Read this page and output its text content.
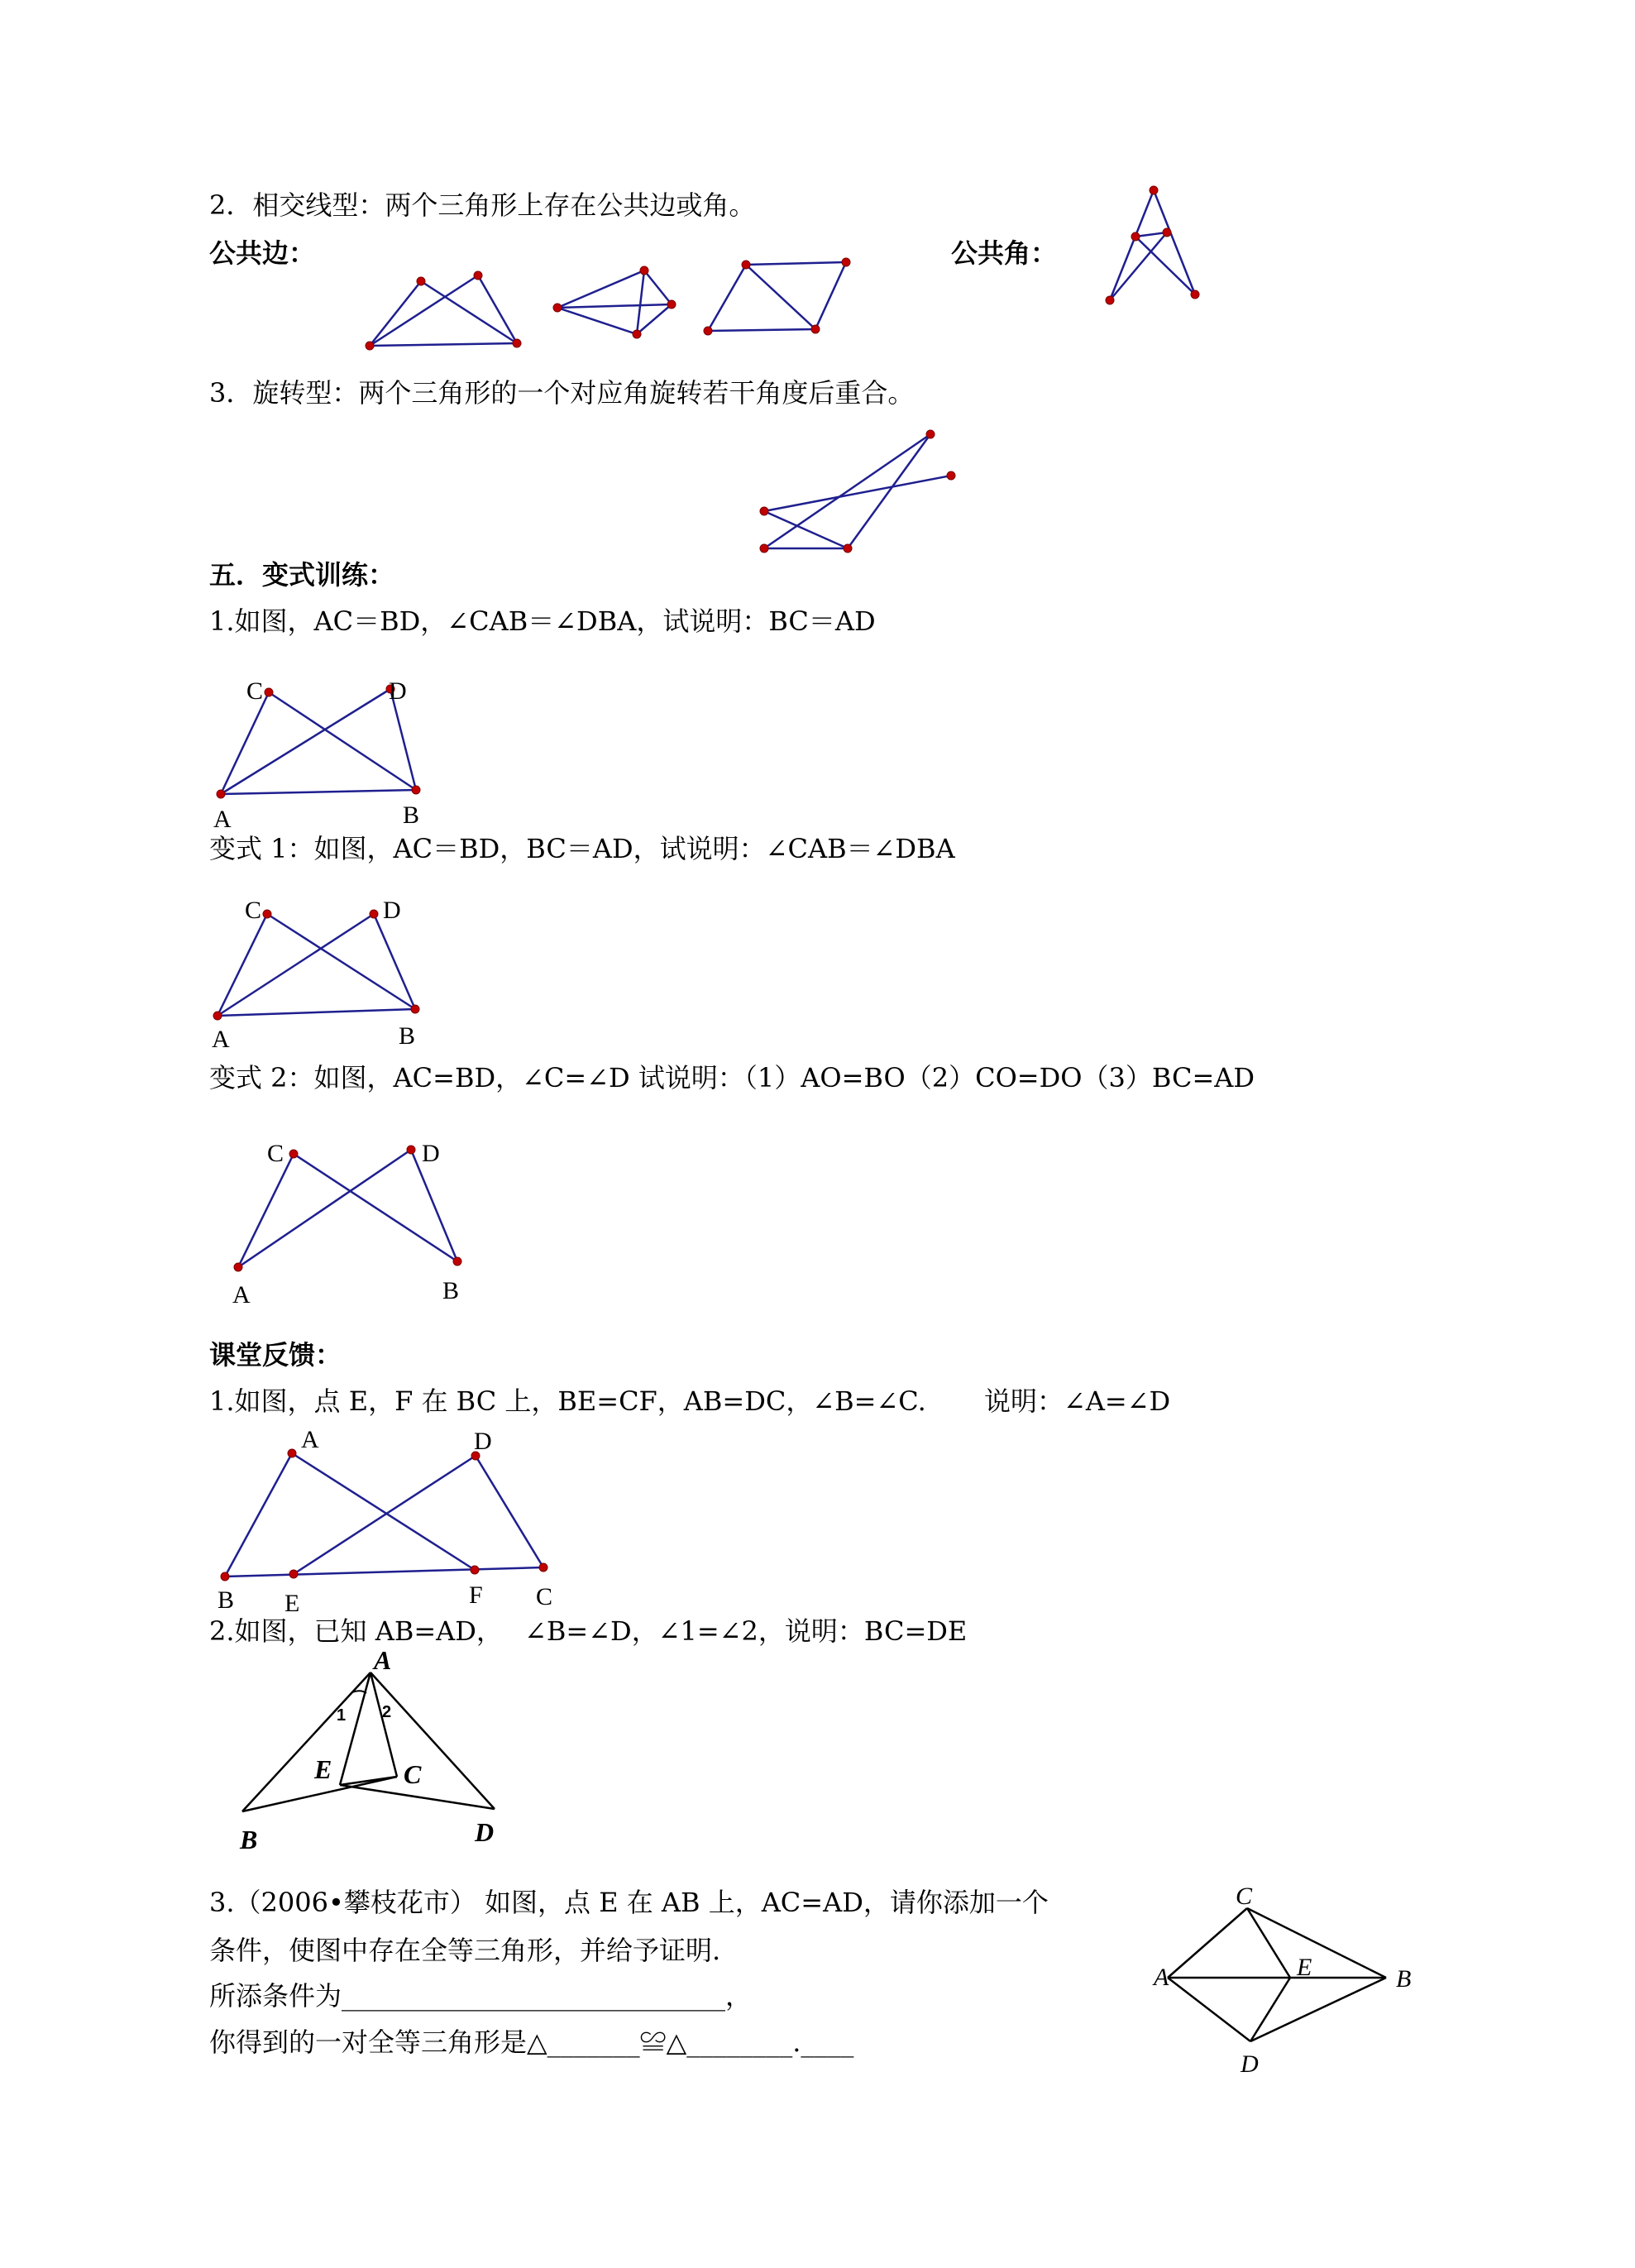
2．相交线型：两个三角形上存在公共边或角。
公共边：	公共角：
3．旋转型：两个三角形的一个对应角旋转若干角度后重合。
五．变式训练：
1.如图，AC＝BD，∠CAB＝∠DBA，试说明：BC＝AD
C	D
A	B
变式 1：如图，AC＝BD，BC＝AD，试说明：∠CAB＝∠DBA
C	D
A	B
变式 2：如图，AC=BD，∠C=∠D 试说明：（1）AO=BO（2）CO=DO（3）BC=AD
C	D
A	B
课堂反馈：
1.如图，点 E，F 在 BC 上，BE=CF，AB=DC，∠B=∠C. 说明：∠A=∠D
A	D
B E	F C
2.如图，已知 AB=AD，　 ∠B=∠D，∠1=∠2，说明：BC=DE
A
1 2
E	C
B	D
3.（2006•攀枝花市） 如图，点 E 在 AB 上，AC=AD，请你添加一个
条件，使图中存在全等三角形，并给予证明.
所添条件为_____________________________，
你得到的一对全等三角形是△_______≌△________.____
C
A	E	B
D
